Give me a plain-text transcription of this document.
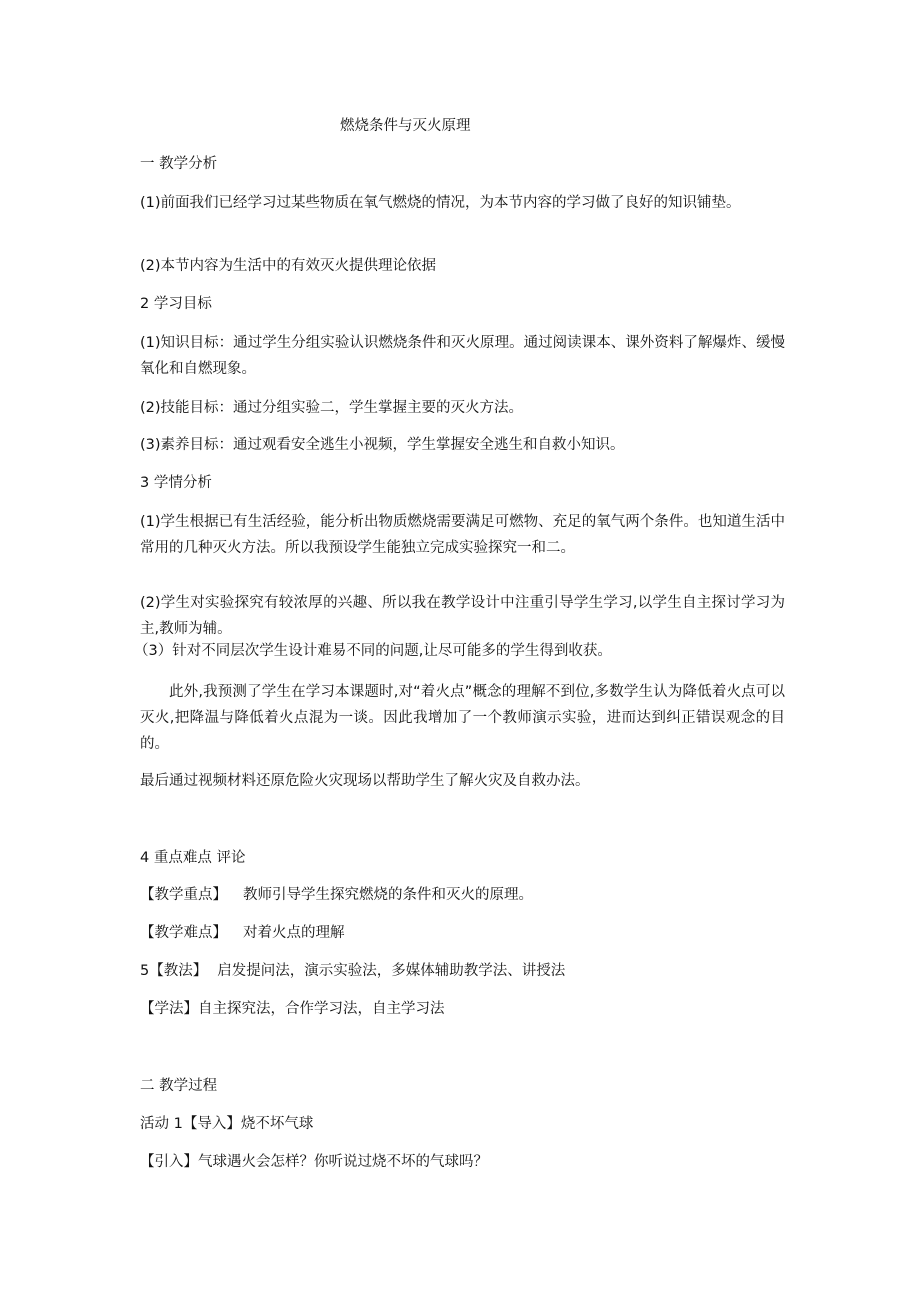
燃烧条件与灭火原理
一 教学分析
(1)前面我们已经学习过某些物质在氧气燃烧的情况，为本节内容的学习做了良好的知识铺垫。
(2)本节内容为生活中的有效灭火提供理论依据
2 学习目标
(1)知识目标：通过学生分组实验认识燃烧条件和灭火原理。通过阅读课本、课外资料了解爆炸、缓慢氧化和自燃现象。
(2)技能目标：通过分组实验二，学生掌握主要的灭火方法。
(3)素养目标：通过观看安全逃生小视频，学生掌握安全逃生和自救小知识。
3 学情分析
(1)学生根据已有生活经验，能分析出物质燃烧需要满足可燃物、充足的氧气两个条件。也知道生活中常用的几种灭火方法。所以我预设学生能独立完成实验探究一和二。
(2)学生对实验探究有较浓厚的兴趣、所以我在教学设计中注重引导学生学习,以学生自主探讨学习为主,教师为辅。
（3）针对不同层次学生设计难易不同的问题,让尽可能多的学生得到收获。
此外,我预测了学生在学习本课题时,对“着火点”概念的理解不到位,多数学生认为降低着火点可以灭火,把降温与降低着火点混为一谈。因此我增加了一个教师演示实验，进而达到纠正错误观念的目的。
最后通过视频材料还原危险火灾现场以帮助学生了解火灾及自救办法。
4 重点难点 评论
【教学重点】 教师引导学生探究燃烧的条件和灭火的原理。
【教学难点】 对着火点的理解
5【教法】 启发提问法，演示实验法，多媒体辅助教学法、讲授法
【学法】自主探究法，合作学习法，自主学习法
二 教学过程
活动 1【导入】烧不坏气球
【引入】气球遇火会怎样？你听说过烧不坏的气球吗？
